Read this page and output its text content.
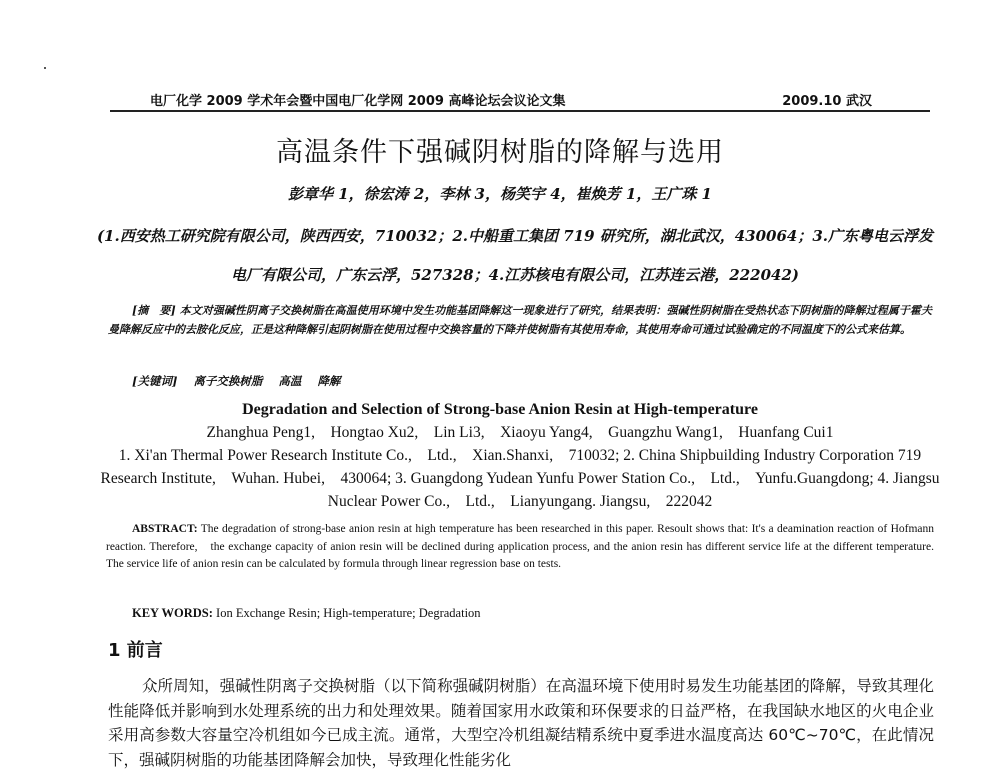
电厂化学 2009 学术年会暨中国电厂化学网 2009 高峰论坛会议论文集	2009.10 武汉
高温条件下强碱阴树脂的降解与选用
彭章华 1，徐宏涛 2，李林 3，杨笑宇 4，崔焕芳 1，王广珠 1
(1.西安热工研究院有限公司，陕西西安，710032；2.中船重工集团 719 研究所，湖北武汉，430064；3.广东粤电云浮发电厂有限公司，广东云浮，527328；4.江苏核电有限公司，江苏连云港，222042)
[摘　要] 本文对强碱性阴离子交换树脂在高温使用环境中发生功能基团降解这一现象进行了研究，结果表明：强碱性阴树脂在受热状态下阴树脂的降解过程属于霍夫曼降解反应中的去胺化反应，正是这种降解引起阴树脂在使用过程中交换容量的下降并使树脂有其使用寿命，其使用寿命可通过试验确定的不同温度下的公式来估算。
[关键词] 离子交换树脂 高温 降解
Degradation and Selection of Strong-base Anion Resin at High-temperature
Zhanghua Peng1,　Hongtao Xu2,　Lin Li3,　Xiaoyu Yang4,　Guangzhu Wang1,　Huanfang Cui1
1. Xi'an Thermal Power Research Institute Co.,　Ltd.,　Xian.Shanxi,　710032; 2. China Shipbuilding Industry Corporation 719 Research Institute,　Wuhan. Hubei,　430064; 3. Guangdong Yudean Yunfu Power Station Co.,　Ltd.,　Yunfu.Guangdong; 4. Jiangsu Nuclear Power Co.,　Ltd.,　Lianyungang. Jiangsu,　222042
ABSTRACT: The degradation of strong-base anion resin at high temperature has been researched in this paper. Resoult shows that: It's a deamination reaction of Hofmann reaction. Therefore,　the exchange capacity of anion resin will be declined during application process, and the anion resin has different service life at the different temperature. The service life of anion resin can be calculated by formula through linear regression base on tests.
KEY WORDS: Ion Exchange Resin; High-temperature; Degradation
1 前言
众所周知，强碱性阴离子交换树脂（以下简称强碱阴树脂）在高温环境下使用时易发生功能基团的降解，导致其理化性能降低并影响到水处理系统的出力和处理效果。随着国家用水政策和环保要求的日益严格，在我国缺水地区的火电企业采用高参数大容量空冷机组如今已成主流。通常，大型空冷机组凝结精系统中夏季进水温度高达 60℃~70℃，在此情况下，强碱阴树脂的功能基团降解会加快，导致理化性能劣化
